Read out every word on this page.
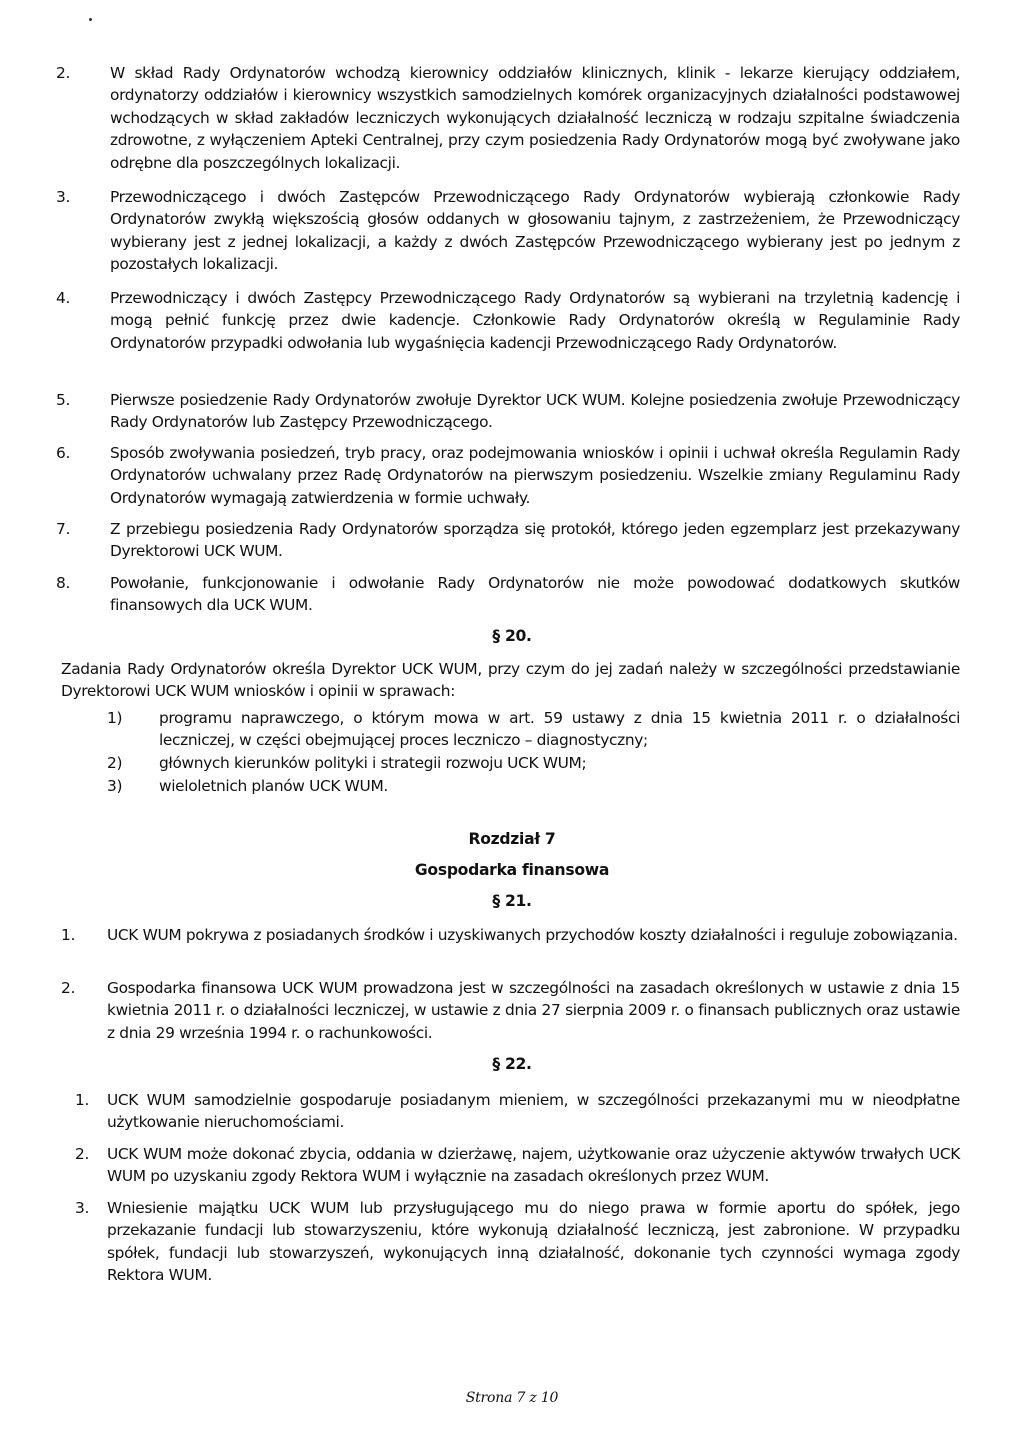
2.	W skład Rady Ordynatorów wchodzą kierownicy oddziałów klinicznych, klinik - lekarze kierujący oddziałem, ordynatorzy oddziałów i kierownicy wszystkich samodzielnych komórek organizacyjnych działalności podstawowej wchodzących w skład zakładów leczniczych wykonujących działalność leczniczą w rodzaju szpitalne świadczenia zdrowotne, z wyłączeniem Apteki Centralnej, przy czym posiedzenia Rady Ordynatorów mogą być zwoływane jako odrębne dla poszczególnych lokalizacji.
3.	Przewodniczącego i dwóch Zastępców Przewodniczącego Rady Ordynatorów wybierają członkowie Rady Ordynatorów zwykłą większością głosów oddanych w głosowaniu tajnym, z zastrzeżeniem, że Przewodniczący wybierany jest z jednej lokalizacji, a każdy z dwóch Zastępców Przewodniczącego wybierany jest po jednym z pozostałych lokalizacji.
4.	Przewodniczący i dwóch Zastępcy Przewodniczącego Rady Ordynatorów są wybierani na trzyletnią kadencję i mogą pełnić funkcję przez dwie kadencje. Członkowie Rady Ordynatorów określą w Regulaminie Rady Ordynatorów przypadki odwołania lub wygaśnięcia kadencji Przewodniczącego Rady Ordynatorów.
5.	Pierwsze posiedzenie Rady Ordynatorów zwołuje Dyrektor UCK WUM. Kolejne posiedzenia zwołuje Przewodniczący Rady Ordynatorów lub Zastępcy Przewodniczącego.
6.	Sposób zwoływania posiedzeń, tryb pracy, oraz podejmowania wniosków i opinii i uchwał określa Regulamin Rady Ordynatorów uchwalany przez Radę Ordynatorów na pierwszym posiedzeniu. Wszelkie zmiany Regulaminu Rady Ordynatorów wymagają zatwierdzenia w formie uchwały.
7.	Z przebiegu posiedzenia Rady Ordynatorów sporządza się protokół, którego jeden egzemplarz jest przekazywany Dyrektorowi UCK WUM.
8.	Powołanie, funkcjonowanie i odwołanie Rady Ordynatorów nie może powodować dodatkowych skutków finansowych dla UCK WUM.
§ 20.

Zadania Rady Ordynatorów określa Dyrektor UCK WUM, przy czym do jej zadań należy w szczególności przedstawianie Dyrektorowi UCK WUM wniosków i opinii w sprawach:

1) programu naprawczego, o którym mowa w art. 59 ustawy z dnia 15 kwietnia 2011 r. o działalności leczniczej, w części obejmującej proces leczniczo – diagnostyczny;
2) głównych kierunków polityki i strategii rozwoju UCK WUM;
3) wieloletnich planów UCK WUM.
Rozdział 7
Gospodarka finansowa
§ 21.
1. UCK WUM pokrywa z posiadanych środków i uzyskiwanych przychodów koszty działalności i reguluje zobowiązania.
2. Gospodarka finansowa UCK WUM prowadzona jest w szczególności na zasadach określonych w ustawie z dnia 15 kwietnia 2011 r. o działalności leczniczej, w ustawie z dnia 27 sierpnia 2009 r. o finansach publicznych oraz ustawie z dnia 29 września 1994 r. o rachunkowości.
§ 22.
1. UCK WUM samodzielnie gospodaruje posiadanym mieniem, w szczególności przekazanymi mu w nieodpłatne użytkowanie nieruchomościami.
2. UCK WUM może dokonać zbycia, oddania w dzierżawę, najem, użytkowanie oraz użyczenie aktywów trwałych UCK WUM po uzyskaniu zgody Rektora WUM i wyłącznie na zasadach określonych przez WUM.
3. Wniesienie majątku UCK WUM lub przysługującego mu do niego prawa w formie aportu do spółek, jego przekazanie fundacji lub stowarzyszeniu, które wykonują działalność leczniczą, jest zabronione. W przypadku spółek, fundacji lub stowarzyszeń, wykonujących inną działalność, dokonanie tych czynności wymaga zgody Rektora WUM.
Strona 7 z 10
